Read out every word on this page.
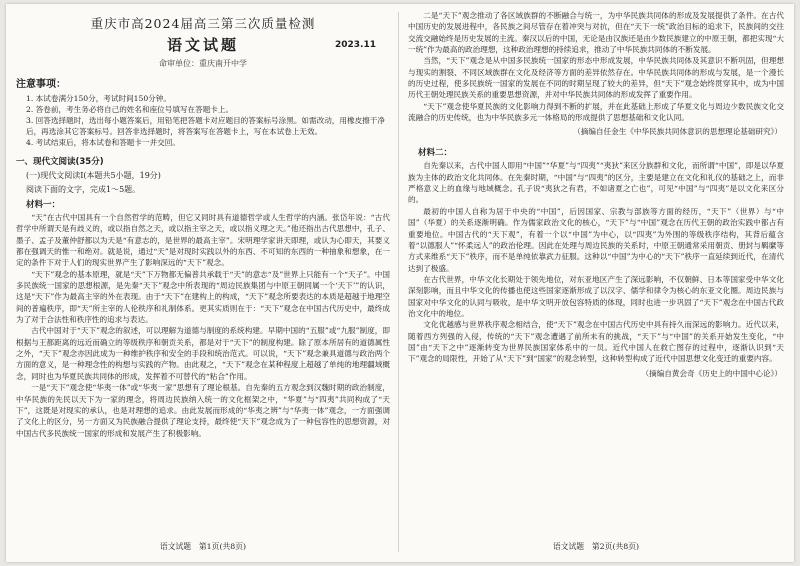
重庆市高2024届高三第三次质量检测
语文试题	2023.11
命审单位：重庆南开中学
注意事项：
1. 本试卷满分150分，考试时间150分钟。
2. 答卷前，考生务必将自己的姓名和座位号填写在答题卡上。
3. 回答选择题时，选出每小题答案后，用铅笔把答题卡对应题目的答案标号涂黑。如需改动，用橡皮擦干净后，再选涂其它答案标号。回答非选择题时，将答案写在答题卡上，写在本试卷上无效。
4. 考试结束后，将本试卷和答题卡一并交回。
一、现代文阅读(35分)
(一)现代文阅读Ⅰ(本题共5小题，19分)
阅读下面的文字，完成1～5题。
材料一：

“天”在古代中国具有一个自然哲学的范畴，但它又同时具有道德哲学或人生哲学的内涵。张岱年说：“古代哲学中所谓天是有歧义的，或以指自然之天，或以指主宰之天，或以指义理之天。”他还指出古代思想中，孔子、墨子、孟子及董仲舒都以为天是“有意志的，是世界的最高主宰”。宋明理学家讲天即理，或认为心即天，其要义都在强调天的惟一和绝对。就是说，通过“天”是对现时实践以外的东西、不可知的东西的一种抽象和想象，在一定的条件下对于人们的现实世界产生了影响深远的“天下”观念。

“天下”观念的基本原理，就是“天”下万物都无偏普共承载于“天”的意志“及”世界上只能有一个“天子”。中国多民族统一国家的思想根源，是先秦“天下”观念中所表现的“周边民族集团与中原王朝同属一个‘天下’”的认识，这是“天下”作为最高主宰的外在表现。由于“天下”在建构上的构成，“天下”观念所要表达的本质是超越于地理空间的普遍秩序，即“天”所主宰的人伦秩序和礼制体系。更其实质则在于：“天下”观念在中国古代历史中，最终成为了对于合法性和秩序性的追求与表达。

古代中国对于“天下”观念的叙述，可以理解为道德与制度的系统构建。早期中国的“五服”或“九服”制度，即根据与王都距离的远近而确立的等级秩序和朝贡关系，都是对于“天下”的制度构建。除了原本所居有的道德属性之外，“天下”观念亦因此成为一种维护秩序和安全的手段和统治范式。可以说，“天下”观念兼具道德与政治两个方面的意义，是一种理念性的构想与实践的产物。由此观之，“天下”观念在某种程度上超越了单纯的地理疆域概念，同时也为华夏民族共同体的形成，发挥着不可替代的“粘合”作用。

一是“天下”观念使“华夷一体”或“华夷一家”思想有了理论根基。自先秦的五方观念到汉魏时期的政治制度，中华民族的先民以天下为一家的理念，将周边民族纳入统一的文化框架之中，“华夏”与“四夷”共同构成了“天下”，这既是对现实的承认，也是对理想的追求。由此发展而形成的“华夷之辨”与“华夷一体”观念，一方面强调了文化上的区分，另一方面又为民族融合提供了理论支持，最终使“天下”观念成为了一种包容性的思想资源，对中国古代多民族统一国家的形成和发展产生了积极影响。

语文试题　第1页(共8页)

二是“天下”观念推动了各区域族群的不断融合与统一，为中华民族共同体的形成及发展提供了条件。在古代中国历史的发展进程中，各民族之间尽管存在着冲突与对抗，但在“天下一统”政治目标的追求下，民族间的交往交流交融始终是历史发展的主流。秦汉以后的中国，无论是由汉族还是由少数民族建立的中原王朝，都把实现“大一统”作为最高的政治理想，这种政治理想的持续追求，推动了中华民族共同体的不断发展。

当然，“天下”观念是从中国多民族统一国家的形态中形成发展，中华民族共同体及其意识不断巩固，但理想与现实的割裂、不同区域族群在文化及经济等方面的差异依然存在。中华民族共同体的形成与发展，是一个漫长的历史过程，使多民族统一国家的发展在不同的时期呈现了较大的差异，但“天下”观念始终贯穿其中，成为中国历代王朝处理民族关系的重要思想资源，并对中华民族共同体的形成发挥了重要作用。

“天下”观念使华夏民族的文化影响力得到不断的扩展，并在此基础上形成了华夏文化与周边少数民族文化交流融合的历史传统，也为中华民族多元一体格局的形成提供了思想基础和文化认同。

（摘编自任金生《中华民族共同体意识的思想理论基础研究》）
材料二：

自先秦以来，古代中国人即用“中国”“华夏”与“四夷”“夷狄”来区分族群和文化，而所谓“中国”，即是以华夏族为主体的政治文化共同体。在先秦时期，“中国”与“四夷”的区分，主要是建立在文化和礼仪的基础之上，而非严格意义上的血缘与地域概念。孔子说“夷狄之有君，不如诸夏之亡也”，可见“中国”与“四夷”是以文化来区分的。

最初的中国人自称为居于中央的“中国”，后因国家、宗教与部族等方面的经历，“天下”（世界）与“中国”（华夏）的关系逐渐明确。作为儒家政治文化的核心，“天下”与“中国”观念在历代王朝的政治实践中都占有重要地位。中国古代的“天下观”，有着一个以“中国”为中心，以“四夷”为外围的等级秩序结构，其背后蕴含着“以德服人”“怀柔远人”的政治伦理。因此在处理与周边民族的关系时，中原王朝通常采用朝贡、册封与羁縻等方式来维系“天下”秩序，而不是单纯依靠武力征服。这种以“中国”为中心的“天下”秩序一直延续到近代，在清代达到了极盛。

在古代世界，中华文化长期处于领先地位，对东亚地区产生了深远影响，不仅朝鲜、日本等国家受中华文化深刻影响，而且中华文化的传播也使这些国家逐渐形成了以汉字、儒学和律令为核心的东亚文化圈。周边民族与国家对中华文化的认同与吸收，是中华文明开放包容特质的体现，同时也进一步巩固了“天下”观念在中国古代政治文化中的地位。

文化优越感与世界秩序观念相结合，使“天下”观念在中国古代历史中具有持久而深远的影响力。近代以来，随着西方列强的入侵，传统的“天下”观念遭遇了前所未有的挑战，“天下”与“中国”的关系开始发生变化，“中国”由“天下之中”逐渐转变为世界民族国家体系中的一员。近代中国人在救亡图存的过程中，逐渐认识到“天下”观念的局限性，开始了从“天下”到“国家”的观念转型，这种转型构成了近代中国思想文化变迁的重要内容。

（摘编自黄会奇《历史上的中国中心论》）
语文试题　第2页(共8页)
